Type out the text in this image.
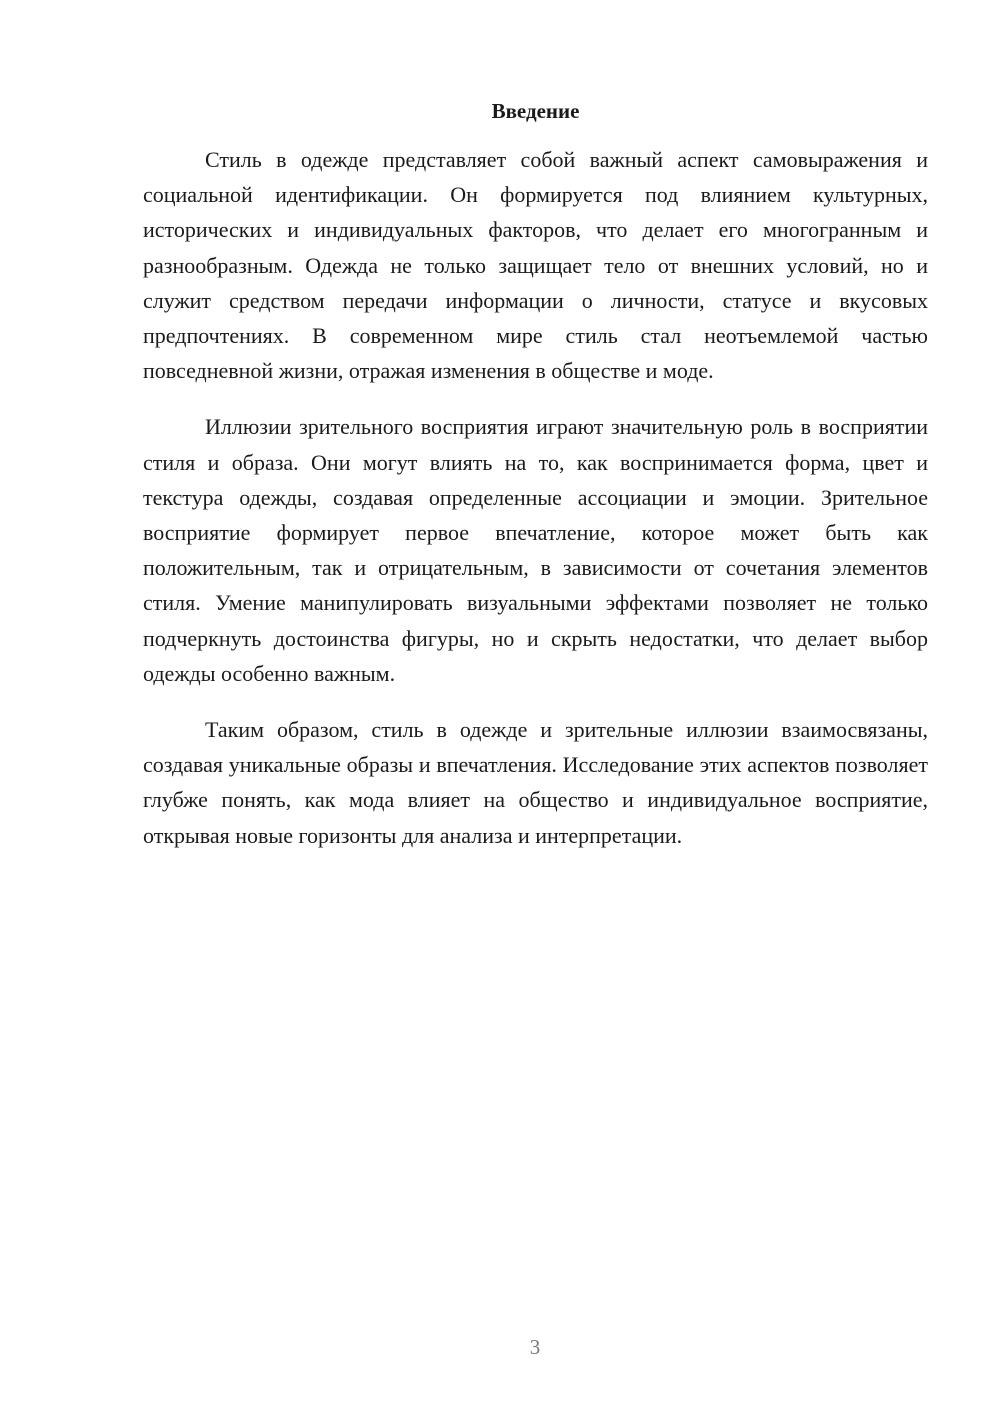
Введение

Стиль в одежде представляет собой важный аспект самовыражения и социальной идентификации. Он формируется под влиянием культурных, исторических и индивидуальных факторов, что делает его многогранным и разнообразным. Одежда не только защищает тело от внешних условий, но и служит средством передачи информации о личности, статусе и вкусовых предпочтениях. В современном мире стиль стал неотъемлемой частью повседневной жизни, отражая изменения в обществе и моде.

Иллюзии зрительного восприятия играют значительную роль в восприятии стиля и образа. Они могут влиять на то, как воспринимается форма, цвет и текстура одежды, создавая определенные ассоциации и эмоции. Зрительное восприятие формирует первое впечатление, которое может быть как положительным, так и отрицательным, в зависимости от сочетания элементов стиля. Умение манипулировать визуальными эффектами позволяет не только подчеркнуть достоинства фигуры, но и скрыть недостатки, что делает выбор одежды особенно важным.

Таким образом, стиль в одежде и зрительные иллюзии взаимосвязаны, создавая уникальные образы и впечатления. Исследование этих аспектов позволяет глубже понять, как мода влияет на общество и индивидуальное восприятие, открывая новые горизонты для анализа и интерпретации.

3
